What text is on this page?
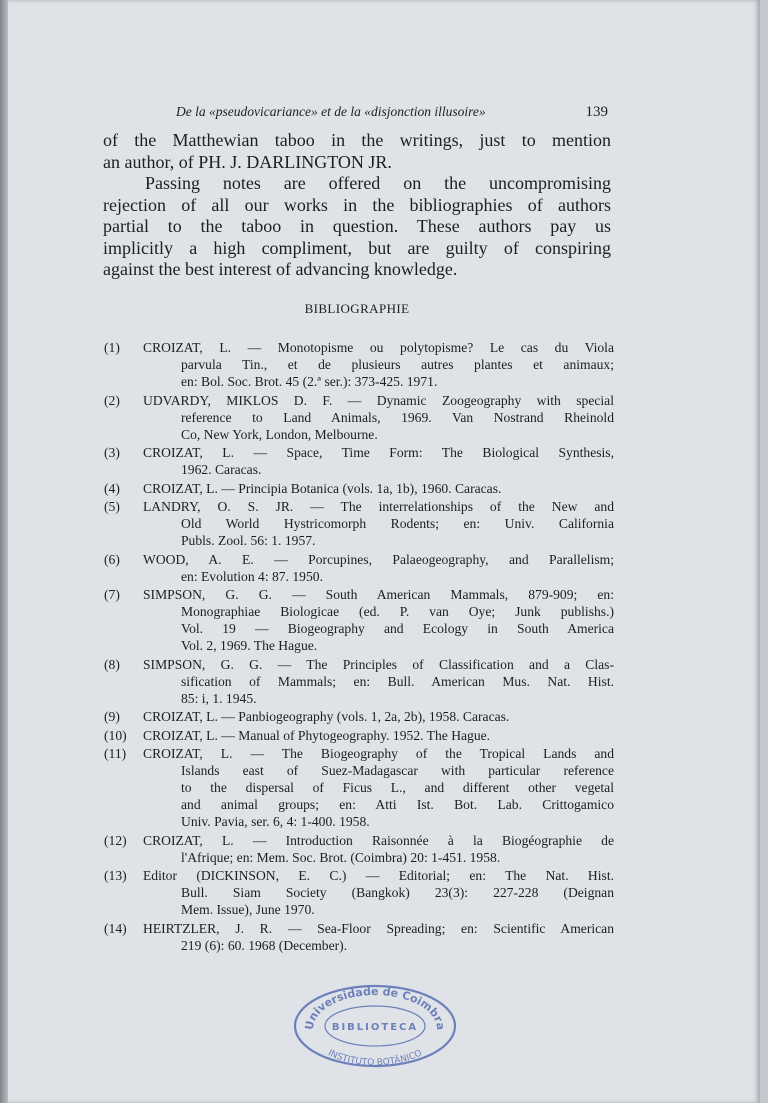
De la «pseudovicariance» et de la «disjonction illusoire»	139

of the Matthewian taboo in the writings, just to mention
an author, of PH. J. DARLINGTON JR.

Passing notes are offered on the uncompromising
rejection of all our works in the bibliographies of authors
partial to the taboo in question. These authors pay us
implicitly a high compliment, but are guilty of conspiring
against the best interest of advancing knowledge.

BIBLIOGRAPHIE
(1)	CROIZAT, L. — Monotopisme ou polytopisme? Le cas du Viola
parvula Tin., et de plusieurs autres plantes et animaux;
en: Bol. Soc. Brot. 45 (2.ª ser.): 373-425. 1971.
(2)	UDVARDY, MIKLOS D. F. — Dynamic Zoogeography with special
reference to Land Animals, 1969. Van Nostrand Rheinold
Co, New York, London, Melbourne.
(3)	CROIZAT, L. — Space, Time Form: The Biological Synthesis,
1962. Caracas.
(4)	CROIZAT, L. — Principia Botanica (vols. 1a, 1b), 1960. Caracas.
(5)	LANDRY, O. S. JR. — The interrelationships of the New and
Old World Hystricomorph Rodents; en: Univ. California
Publs. Zool. 56: 1. 1957.
(6)	WOOD, A. E. — Porcupines, Palaeogeography, and Parallelism;
en: Evolution 4: 87. 1950.
(7)	SIMPSON, G. G. — South American Mammals, 879-909; en:
Monographiae Biologicae (ed. P. van Oye; Junk publishs.)
Vol. 19 — Biogeography and Ecology in South America
Vol. 2, 1969. The Hague.
(8)	SIMPSON, G. G. — The Principles of Classification and a Clas-
sification of Mammals; en: Bull. American Mus. Nat. Hist.
85: i, 1. 1945.
(9)	CROIZAT, L. — Panbiogeography (vols. 1, 2a, 2b), 1958. Caracas.
(10)	CROIZAT, L. — Manual of Phytogeography. 1952. The Hague.
(11)	CROIZAT, L. — The Biogeography of the Tropical Lands and
Islands east of Suez-Madagascar with particular reference
to the dispersal of Ficus L., and different other vegetal
and animal groups; en: Atti Ist. Bot. Lab. Crittogamico
Univ. Pavia, ser. 6, 4: 1-400. 1958.
(12)	CROIZAT, L. — Introduction Raisonnée à la Biogéographie de
l'Afrique; en: Mem. Soc. Brot. (Coimbra) 20: 1-451. 1958.
(13)	Editor (DICKINSON, E. C.) — Editorial; en: The Nat. Hist.
Bull. Siam Society (Bangkok) 23(3): 227-228 (Deignan
Mem. Issue), June 1970.
(14)	HEIRTZLER, J. R. — Sea-Floor Spreading; en: Scientific American
219 (6): 60. 1968 (December).
Universidade de Coimbra
BIBLIOTECA
INSTITUTO BOTÂNICO
